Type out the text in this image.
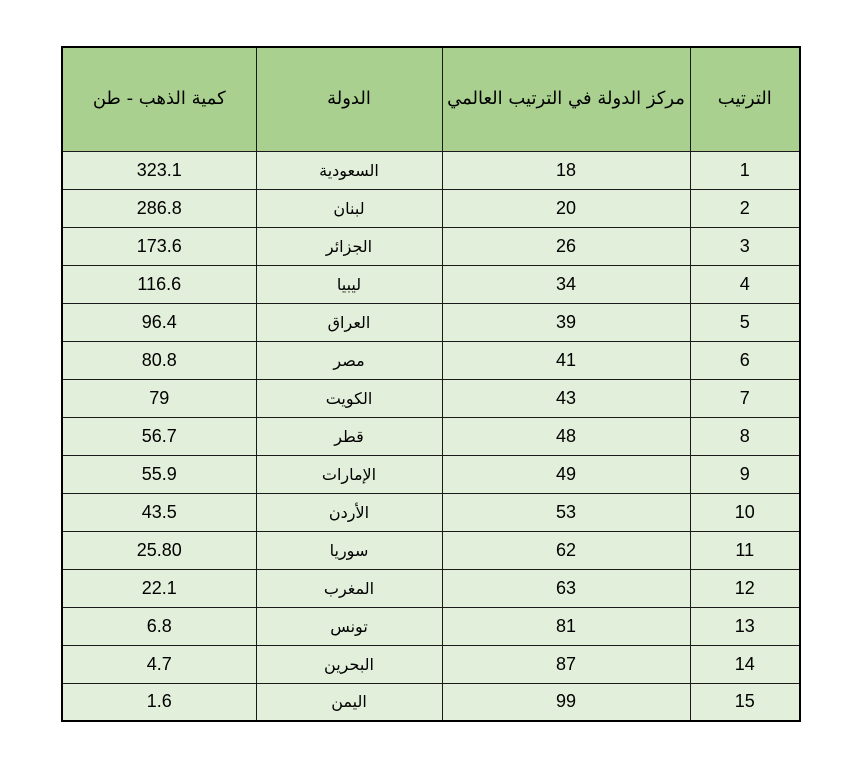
الترتيب	مركز الدولة في الترتيب العالمي	الدولة	كمية الذهب - طن
1	18	السعودية	323.1
2	20	لبنان	286.8
3	26	الجزائر	173.6
4	34	ليبيا	116.6
5	39	العراق	96.4
6	41	مصر	80.8
7	43	الكويت	79
8	48	قطر	56.7
9	49	الإمارات	55.9
10	53	الأردن	43.5
11	62	سوريا	25.80
12	63	المغرب	22.1
13	81	تونس	6.8
14	87	البحرين	4.7
15	99	اليمن	1.6
